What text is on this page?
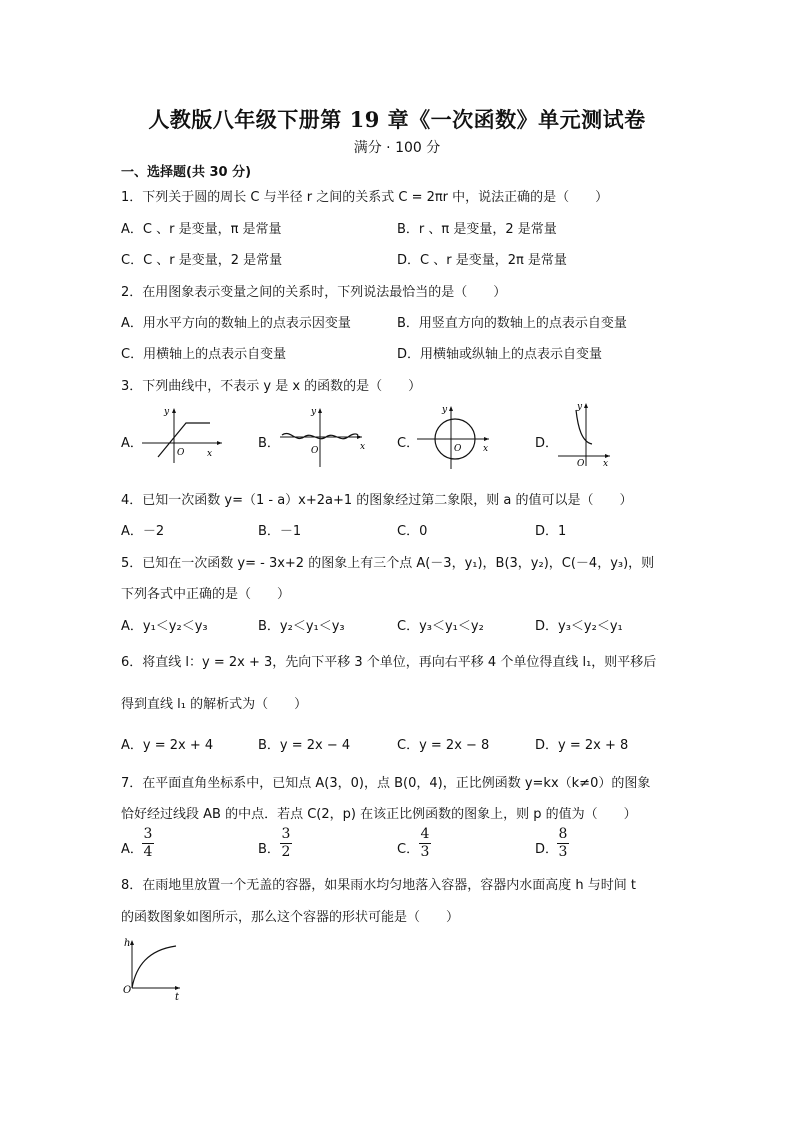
人教版八年级下册第 19 章《一次函数》单元测试卷
满分 · 100 分
一、选择题(共 30 分)
1．下列关于圆的周长 C 与半径 r 之间的关系式 C = 2πr 中，说法正确的是（　　）
A．C 、r 是变量，π 是常量	B．r 、π 是变量，2 是常量
C．C 、r 是变量，2 是常量	D．C 、r 是变量，2π 是常量
2．在用图象表示变量之间的关系时，下列说法最恰当的是（　　）
A．用水平方向的数轴上的点表示因变量	B．用竖直方向的数轴上的点表示自变量
C．用横轴上的点表示自变量	D．用横轴或纵轴上的点表示自变量
3．下列曲线中，不表示 y 是 x 的函数的是（　　）
A．	B．	C．	D．
y
O	x
y
O	x
y
O x
y
O x
4．已知一次函数 y=（1 - a）x+2a+1 的图象经过第二象限，则 a 的值可以是（　　）
A．－2	B．－1	C．0	D．1
5．已知在一次函数 y= - 3x+2 的图象上有三个点 A(－3，y₁)，B(3，y₂)，C(－4，y₃)，则
下列各式中正确的是（　　）
A．y₁＜y₂＜y₃	B．y₂＜y₁＜y₃	C．y₃＜y₁＜y₂	D．y₃＜y₂＜y₁
6．将直线 l：y = 2x + 3，先向下平移 3 个单位，再向右平移 4 个单位得直线 l₁，则平移后
得到直线 l₁ 的解析式为（　　）
A．y = 2x + 4	B．y = 2x − 4	C．y = 2x − 8	D．y = 2x + 8
7．在平面直角坐标系中，已知点 A(3，0)，点 B(0，4)，正比例函数 y=kx（k≠0）的图象
恰好经过线段 AB 的中点．若点 C(2，p) 在该正比例函数的图象上，则 p 的值为（　　）
A． $\frac{3}{4}$	B． $\frac{3}{2}$	C． $\frac{4}{3}$	D．
$\frac{8}{3}$
8．在雨地里放置一个无盖的容器，如果雨水均匀地落入容器，容器内水面高度 h 与时间 t
的函数图象如图所示，那么这个容器的形状可能是（　　）
h
O
t
